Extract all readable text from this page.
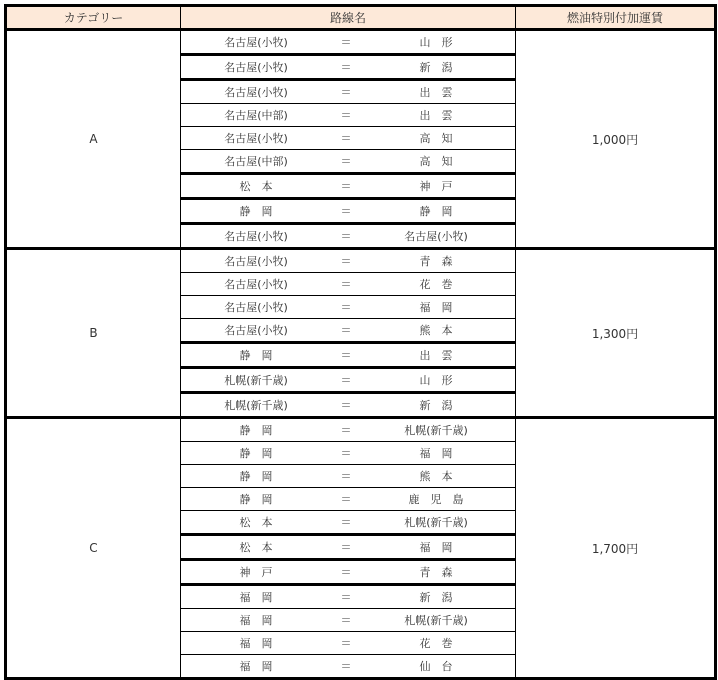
カテゴリー	路線名	燃油特別付加運賃
A	名古屋(小牧) ＝ 山　形	1,000円

名古屋(小牧) ＝ 新　潟	

名古屋(小牧) ＝ 出　雲	

名古屋(中部) ＝ 出　雲	

名古屋(小牧) ＝ 高　知	

名古屋(中部) ＝ 高　知	

松　本 ＝ 神　戸	

静　岡 ＝ 静　岡	

名古屋(小牧) ＝ 名古屋(小牧)	

B	名古屋(小牧) ＝ 青　森	1,300円

名古屋(小牧) ＝ 花　巻	

名古屋(小牧) ＝ 福　岡	

名古屋(小牧) ＝ 熊　本	

静　岡 ＝ 出　雲	

札幌(新千歳) ＝ 山　形	

札幌(新千歳) ＝ 新　潟	

C	静　岡 ＝ 札幌(新千歳)	1,700円

静　岡 ＝ 福　岡	

静　岡 ＝ 熊　本	

静　岡 ＝ 鹿　児　島	

松　本 ＝ 札幌(新千歳)	

松　本 ＝ 福　岡	

神　戸 ＝ 青　森	

福　岡 ＝ 新　潟	

福　岡 ＝ 札幌(新千歳)	

福　岡 ＝ 花　巻	

福　岡 ＝ 仙　台	
